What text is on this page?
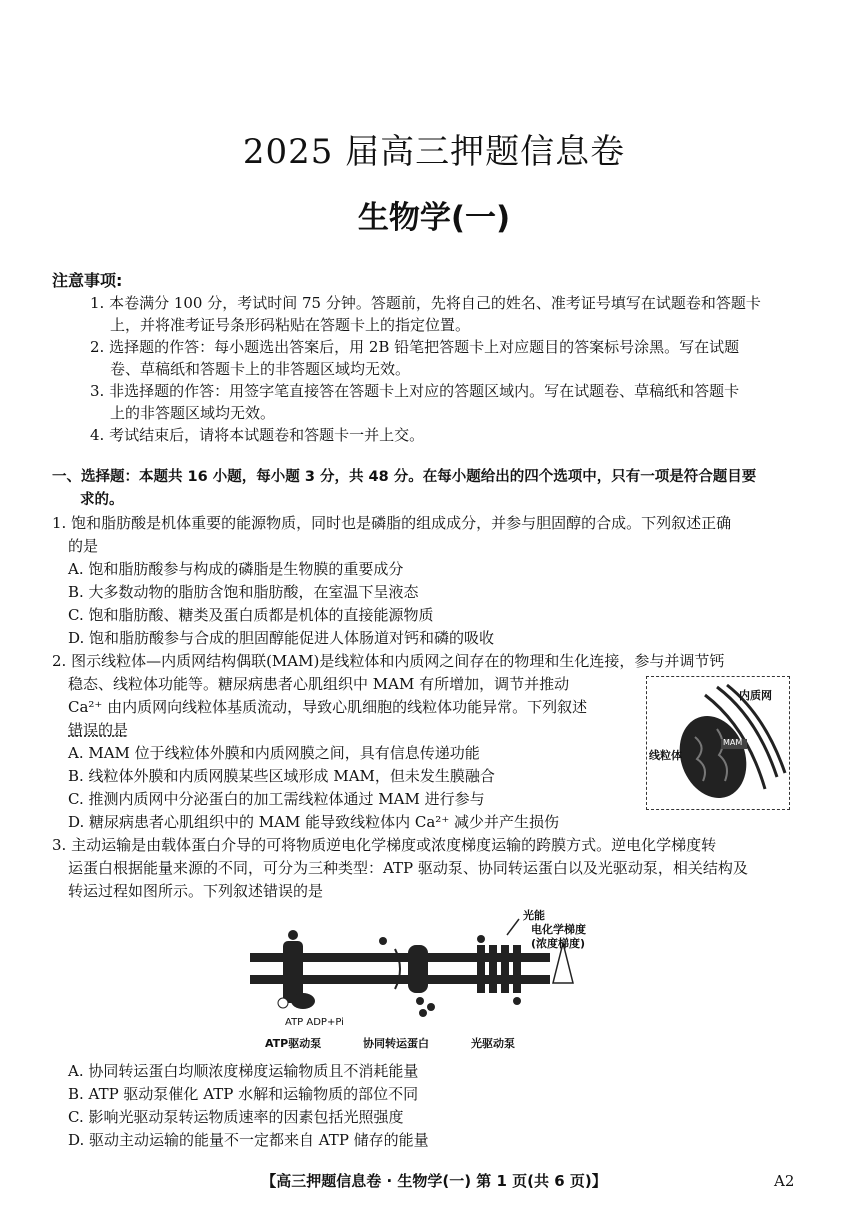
2025 届高三押题信息卷
生物学(一)
注意事项:
1. 本卷满分 100 分，考试时间 75 分钟。答题前，先将自己的姓名、准考证号填写在试题卷和答题卡
上，并将准考证号条形码粘贴在答题卡上的指定位置。
2. 选择题的作答：每小题选出答案后，用 2B 铅笔把答题卡上对应题目的答案标号涂黑。写在试题
卷、草稿纸和答题卡上的非答题区域均无效。
3. 非选择题的作答：用签字笔直接答在答题卡上对应的答题区域内。写在试题卷、草稿纸和答题卡
上的非答题区域均无效。
4. 考试结束后，请将本试题卷和答题卡一并上交。
一、选择题：本题共 16 小题，每小题 3 分，共 48 分。在每小题给出的四个选项中，只有一项是符合题目要
求的。
1. 饱和脂肪酸是机体重要的能源物质，同时也是磷脂的组成成分，并参与胆固醇的合成。下列叙述正确
的是
A. 饱和脂肪酸参与构成的磷脂是生物膜的重要成分
B. 大多数动物的脂肪含饱和脂肪酸，在室温下呈液态
C. 饱和脂肪酸、糖类及蛋白质都是机体的直接能源物质
D. 饱和脂肪酸参与合成的胆固醇能促进人体肠道对钙和磷的吸收
2. 图示线粒体—内质网结构偶联(MAM)是线粒体和内质网之间存在的物理和生化连接，参与并调节钙
稳态、线粒体功能等。糖尿病患者心肌组织中 MAM 有所增加，调节并推动
Ca²⁺ 由内质网向线粒体基质流动，导致心肌细胞的线粒体功能异常。下列叙述
错误的是
A. MAM 位于线粒体外膜和内质网膜之间，具有信息传递功能
B. 线粒体外膜和内质网膜某些区域形成 MAM，但未发生膜融合
C. 推测内质网中分泌蛋白的加工需线粒体通过 MAM 进行参与
D. 糖尿病患者心肌组织中的 MAM 能导致线粒体内 Ca²⁺ 减少并产生损伤
内质网
线粒体
MAM
3. 主动运输是由载体蛋白介导的可将物质逆电化学梯度或浓度梯度运输的跨膜方式。逆电化学梯度转
运蛋白根据能量来源的不同，可分为三种类型：ATP 驱动泵、协同转运蛋白以及光驱动泵，相关结构及
转运过程如图所示。下列叙述错误的是
光能
电化学梯度
(浓度梯度)
ATP ADP+Pi
ATP驱动泵	协同转运蛋白	光驱动泵
A. 协同转运蛋白均顺浓度梯度运输物质且不消耗能量
B. ATP 驱动泵催化 ATP 水解和运输物质的部位不同
C. 影响光驱动泵转运物质速率的因素包括光照强度
D. 驱动主动运输的能量不一定都来自 ATP 储存的能量
【高三押题信息卷 · 生物学(一) 第 1 页(共 6 页)】	A2
